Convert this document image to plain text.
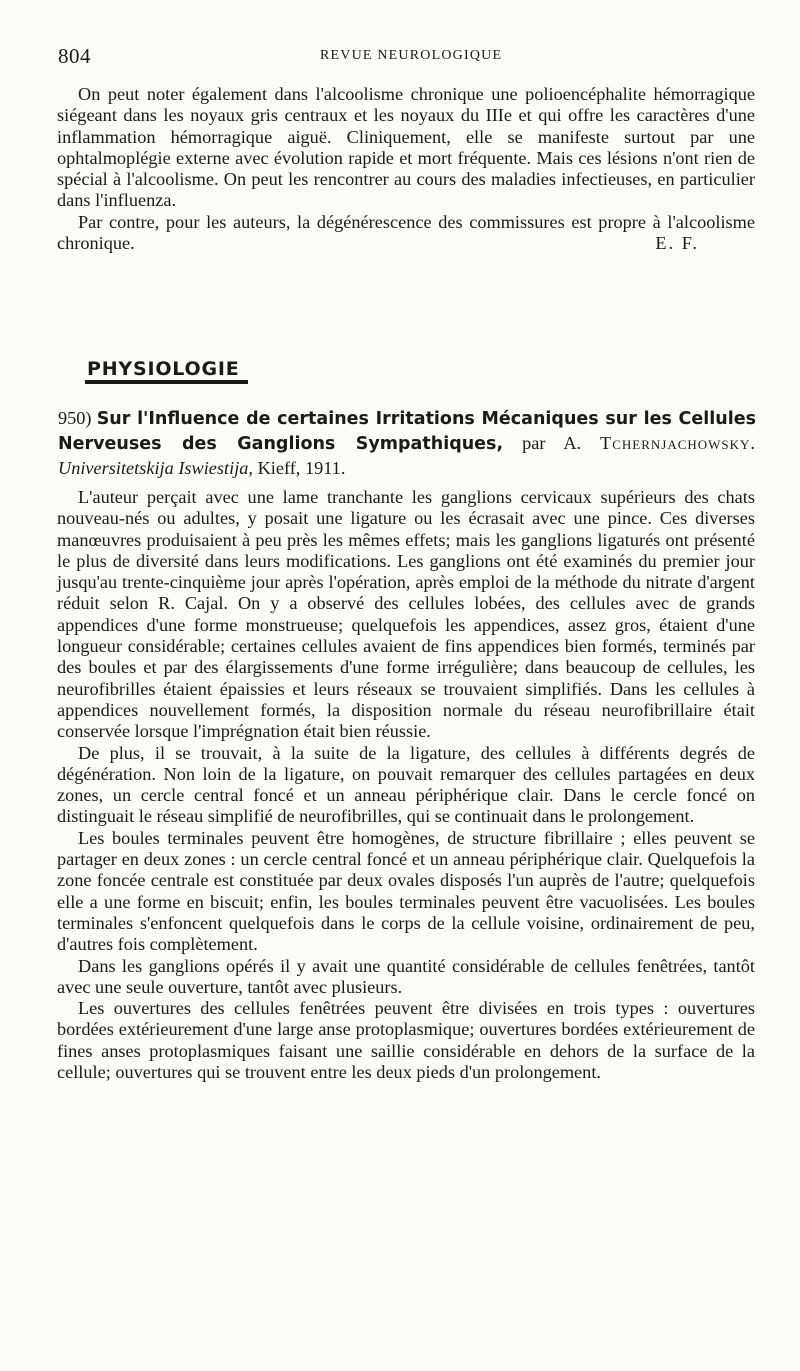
804	REVUE NEUROLOGIQUE

On peut noter également dans l'alcoolisme chronique une polioencéphalite hémorragique siégeant dans les noyaux gris centraux et les noyaux du IIIe et qui offre les caractères d'une inflammation hémorragique aiguë. Cliniquement, elle se manifeste surtout par une ophtalmoplégie externe avec évolution rapide et mort fréquente. Mais ces lésions n'ont rien de spécial à l'alcoolisme. On peut les rencontrer au cours des maladies infectieuses, en particulier dans l'influenza.

Par contre, pour les auteurs, la dégénérescence des commissures est propre à l'alcoolisme chronique.	E. F.

PHYSIOLOGIE
950) Sur l'Influence de certaines Irritations Mécaniques sur les Cellules Nerveuses des Ganglions Sympathiques, par A. Tchernjachowsky. Universitetskija Iswiestija, Kieff, 1911.

L'auteur perçait avec une lame tranchante les ganglions cervicaux supérieurs des chats nouveau-nés ou adultes, y posait une ligature ou les écrasait avec une pince. Ces diverses manœuvres produisaient à peu près les mêmes effets; mais les ganglions ligaturés ont présenté le plus de diversité dans leurs modifications. Les ganglions ont été examinés du premier jour jusqu'au trente-cinquième jour après l'opération, après emploi de la méthode du nitrate d'argent réduit selon R. Cajal. On y a observé des cellules lobées, des cellules avec de grands appendices d'une forme monstrueuse; quelquefois les appendices, assez gros, étaient d'une longueur considérable; certaines cellules avaient de fins appendices bien formés, terminés par des boules et par des élargissements d'une forme irrégulière; dans beaucoup de cellules, les neurofibrilles étaient épaissies et leurs réseaux se trouvaient simplifiés. Dans les cellules à appendices nouvellement formés, la disposition normale du réseau neurofibrillaire était conservée lorsque l'imprégnation était bien réussie.

De plus, il se trouvait, à la suite de la ligature, des cellules à différents degrés de dégénération. Non loin de la ligature, on pouvait remarquer des cellules partagées en deux zones, un cercle central foncé et un anneau périphérique clair. Dans le cercle foncé on distinguait le réseau simplifié de neurofibrilles, qui se continuait dans le prolongement.

Les boules terminales peuvent être homogènes, de structure fibrillaire ; elles peuvent se partager en deux zones : un cercle central foncé et un anneau périphérique clair. Quelquefois la zone foncée centrale est constituée par deux ovales disposés l'un auprès de l'autre; quelquefois elle a une forme en biscuit; enfin, les boules terminales peuvent être vacuolisées. Les boules terminales s'enfoncent quelquefois dans le corps de la cellule voisine, ordinairement de peu, d'autres fois complètement.

Dans les ganglions opérés il y avait une quantité considérable de cellules fenêtrées, tantôt avec une seule ouverture, tantôt avec plusieurs.

Les ouvertures des cellules fenêtrées peuvent être divisées en trois types : ouvertures bordées extérieurement d'une large anse protoplasmique; ouvertures bordées extérieurement de fines anses protoplasmiques faisant une saillie considérable en dehors de la surface de la cellule; ouvertures qui se trouvent entre les deux pieds d'un prolongement.
